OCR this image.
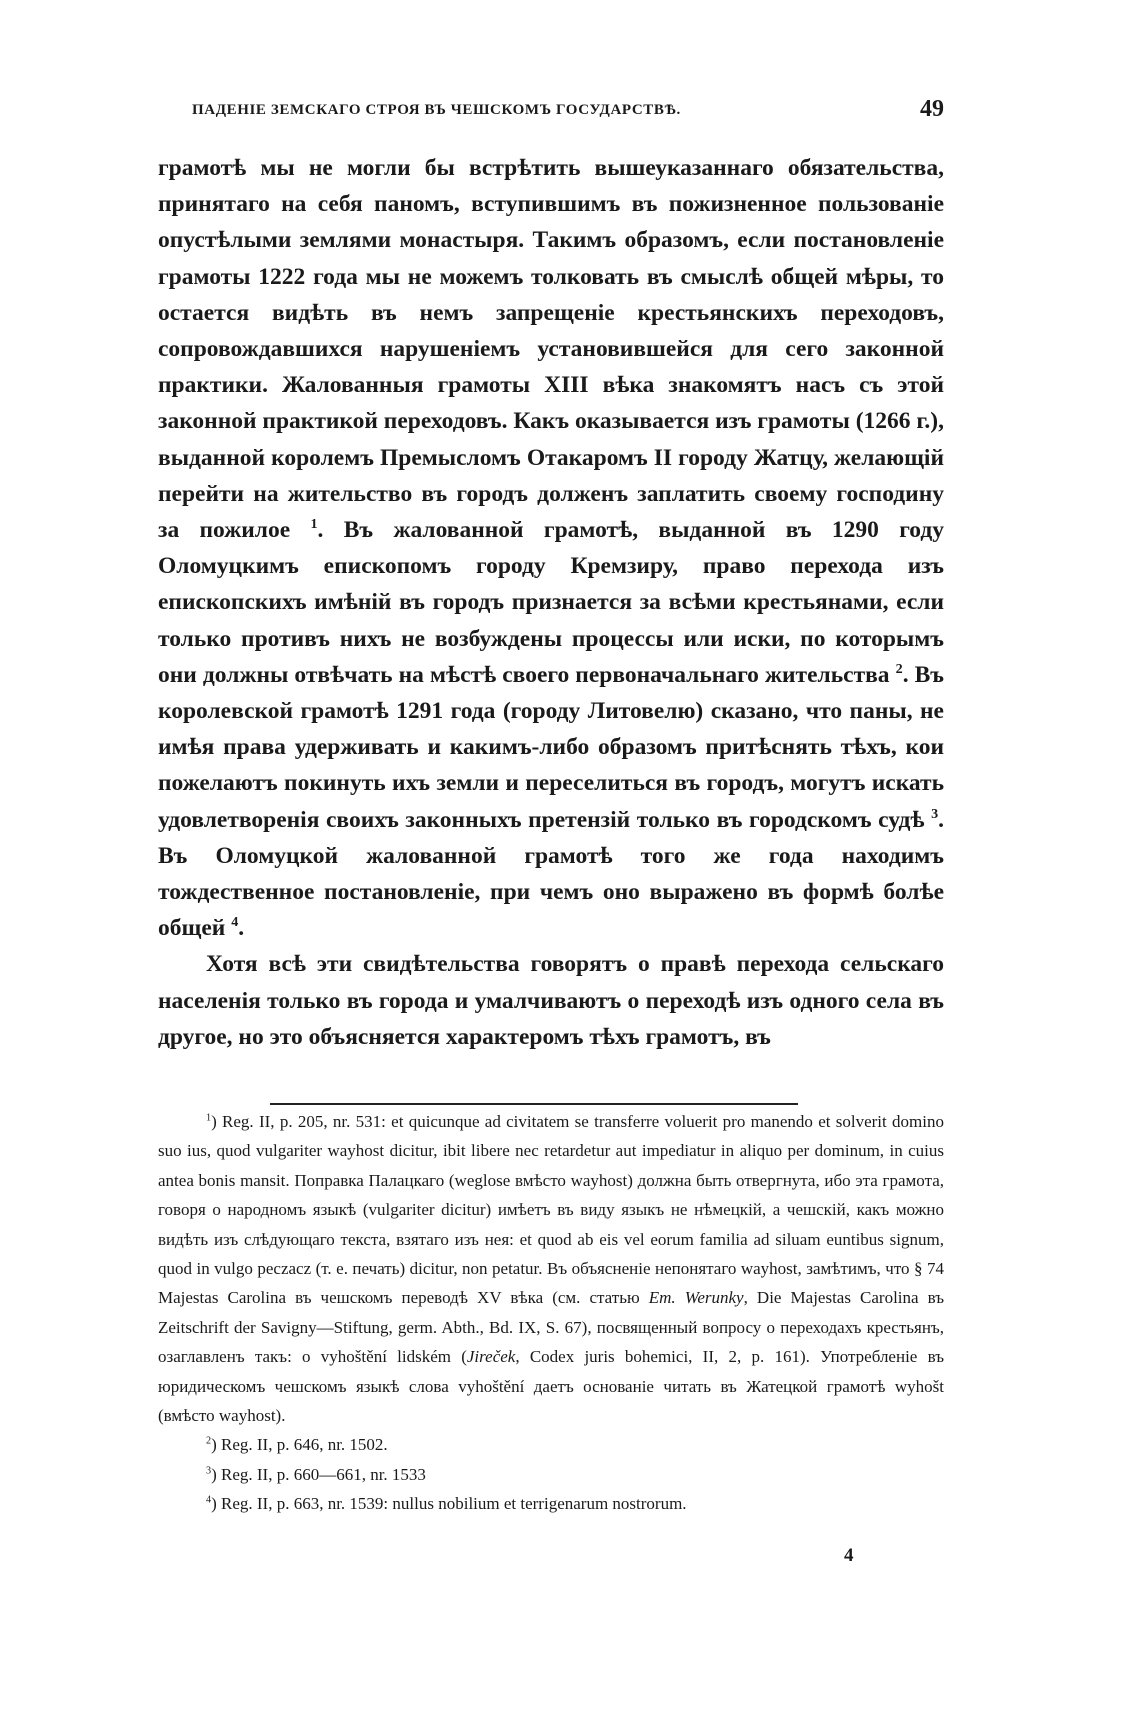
ПАДЕНІЕ ЗЕМСКАГО СТРОЯ ВЪ ЧЕШСКОМЪ ГОСУДАРСТВѢ.	49

грамотѣ мы не могли бы встрѣтить вышеуказаннаго обязательства, принятаго на себя паномъ, вступившимъ въ пожизненное пользованіе опустѣлыми землями монастыря. Такимъ образомъ, если постановленіе грамоты 1222 года мы не можемъ толковать въ смыслѣ общей мѣры, то остается видѣть въ немъ запрещеніе крестьянскихъ переходовъ, сопровождавшихся нарушеніемъ установившейся для сего законной практики. Жалованныя грамоты XIII вѣка знакомятъ насъ съ этой законной практикой переходовъ. Какъ оказывается изъ грамоты (1266 г.), выданной королемъ Премысломъ Отакаромъ II городу Жатцу, желающій перейти на жительство въ городъ долженъ заплатить своему господину за пожилое $^1$. Въ жалованной грамотѣ, выданной въ 1290 году Оломуцкимъ епископомъ городу Кремзиру, право перехода изъ епископскихъ имѣній въ городъ признается за всѣми крестьянами, если только противъ нихъ не возбуждены процессы или иски, по которымъ они должны отвѣчать на мѣстѣ своего первоначальнаго жительства $^2$. Въ королевской грамотѣ 1291 года (городу Литовелю) сказано, что паны, не имѣя права удерживать и какимъ-либо образомъ притѣснять тѣхъ, кои пожелаютъ покинуть ихъ земли и переселиться въ городъ, могутъ искать удовлетворенія своихъ законныхъ претензій только въ городскомъ судѣ $^3$. Въ Оломуцкой жалованной грамотѣ того же года находимъ тождественное постановленіе, при чемъ оно выражено въ формѣ болѣе общей $^4$.

Хотя всѣ эти свидѣтельства говорятъ о правѣ перехода сельскаго населенія только въ города и умалчиваютъ о переходѣ изъ одного села въ другое, но это объясняется характеромъ тѣхъ грамотъ, въ

$^1$) Reg. II, p. 205, nr. 531: et quicunque ad civitatem se transferre voluerit pro manendo et solverit domino suo ius, quod vulgariter wayhost dicitur, ibit libere nec retardetur aut impediatur in aliquo per dominum, in cuius antea bonis mansit. Поправка Палацкаго (weglose вмѣсто wayhost) должна быть отвергнута, ибо эта грамота, говоря о народномъ языкѣ (vulgariter dicitur) имѣетъ въ виду языкъ не нѣмецкій, а чешскій, какъ можно видѣть изъ слѣдующаго текста, взятаго изъ нея: et quod ab eis vel eorum familia ad siluam euntibus signum, quod in vulgo peczacz (т. е. печать) dicitur, non petatur. Въ объясненіе непонятаго wayhost, замѣтимъ, что § 74 Majestas Carolina въ чешскомъ переводѣ XV вѣка (см. статью Em. Werunky, Die Majestas Carolina въ Zeitschrift der Savigny—Stiftung, germ. Abth., Bd. IX, S. 67), посвященный вопросу о переходахъ крестьянъ, озаглавленъ такъ: o vyhoštění lidském (Jireček, Codex juris bohemici, II, 2, p. 161). Употребленіе въ юридическомъ чешскомъ языкѣ слова vyhoštění даетъ основаніе читать въ Жатецкой грамотѣ wyhošt (вмѣсто wayhost).

$^2$) Reg. II, p. 646, nr. 1502.

$^3$) Reg. II, p. 660—661, nr. 1533

$^4$) Reg. II, p. 663, nr. 1539: nullus nobilium et terrigenarum nostrorum.

4
